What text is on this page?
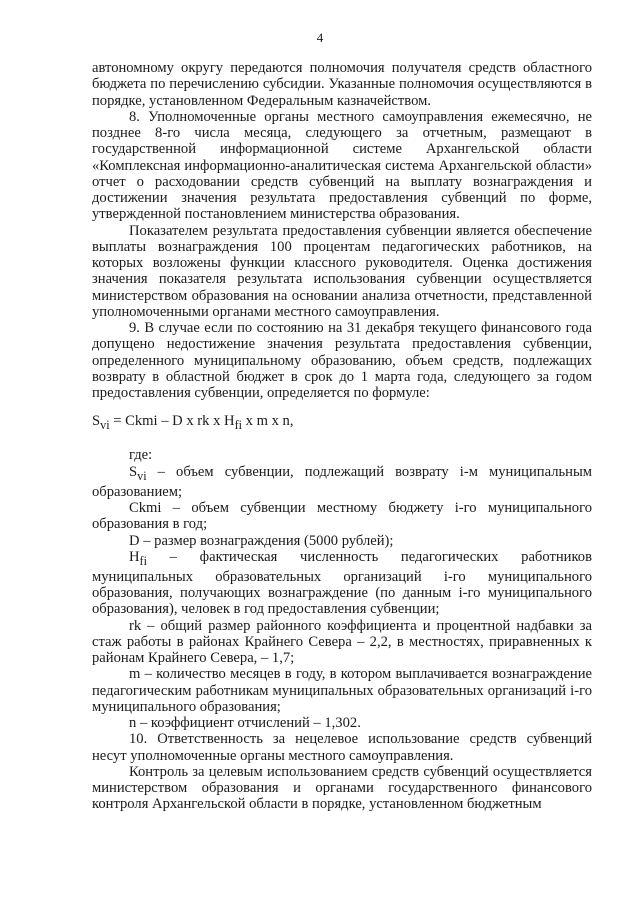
4

автономному округу передаются полномочия получателя средств областного бюджета по перечислению субсидии. Указанные полномочия осуществляются в порядке, установленном Федеральным казначейством.

8. Уполномоченные органы местного самоуправления ежемесячно, не позднее 8-го числа месяца, следующего за отчетным, размещают в государственной информационной системе Архангельской области «Комплексная информационно-аналитическая система Архангельской области» отчет о расходовании средств субвенций на выплату вознаграждения и достижении значения результата предоставления субвенций по форме, утвержденной постановлением министерства образования.

Показателем результата предоставления субвенции является обеспечение выплаты вознаграждения 100 процентам педагогических работников, на которых возложены функции классного руководителя. Оценка достижения значения показателя результата использования субвенции осуществляется министерством образования на основании анализа отчетности, представленной уполномоченными органами местного самоуправления.

9. В случае если по состоянию на 31 декабря текущего финансового года допущено недостижение значения результата предоставления субвенции, определенного муниципальному образованию, объем средств, подлежащих возврату в областной бюджет в срок до 1 марта года, следующего за годом предоставления субвенции, определяется по формуле:

$S_{vi}$ = Ckmi – D x rk x $H_{fi}$ x m x n,

где:

$S_{vi}$ – объем субвенции, подлежащий возврату i-м муниципальным образованием;

Ckmi – объем субвенции местному бюджету i-го муниципального образования в год;

D – размер вознаграждения (5000 рублей);

$H_{fi}$ – фактическая численность педагогических работников муниципальных образовательных организаций i-го муниципального образования, получающих вознаграждение (по данным i-го муниципального образования), человек в год предоставления субвенции;

rk – общий размер районного коэффициента и процентной надбавки за стаж работы в районах Крайнего Севера – 2,2, в местностях, приравненных к районам Крайнего Севера, – 1,7;

m – количество месяцев в году, в котором выплачивается вознаграждение педагогическим работникам муниципальных образовательных организаций i-го муниципального образования;

n – коэффициент отчислений – 1,302.

10. Ответственность за нецелевое использование средств субвенций несут уполномоченные органы местного самоуправления.

Контроль за целевым использованием средств субвенций осуществляется министерством образования и органами государственного финансового контроля Архангельской области в порядке, установленном бюджетным
